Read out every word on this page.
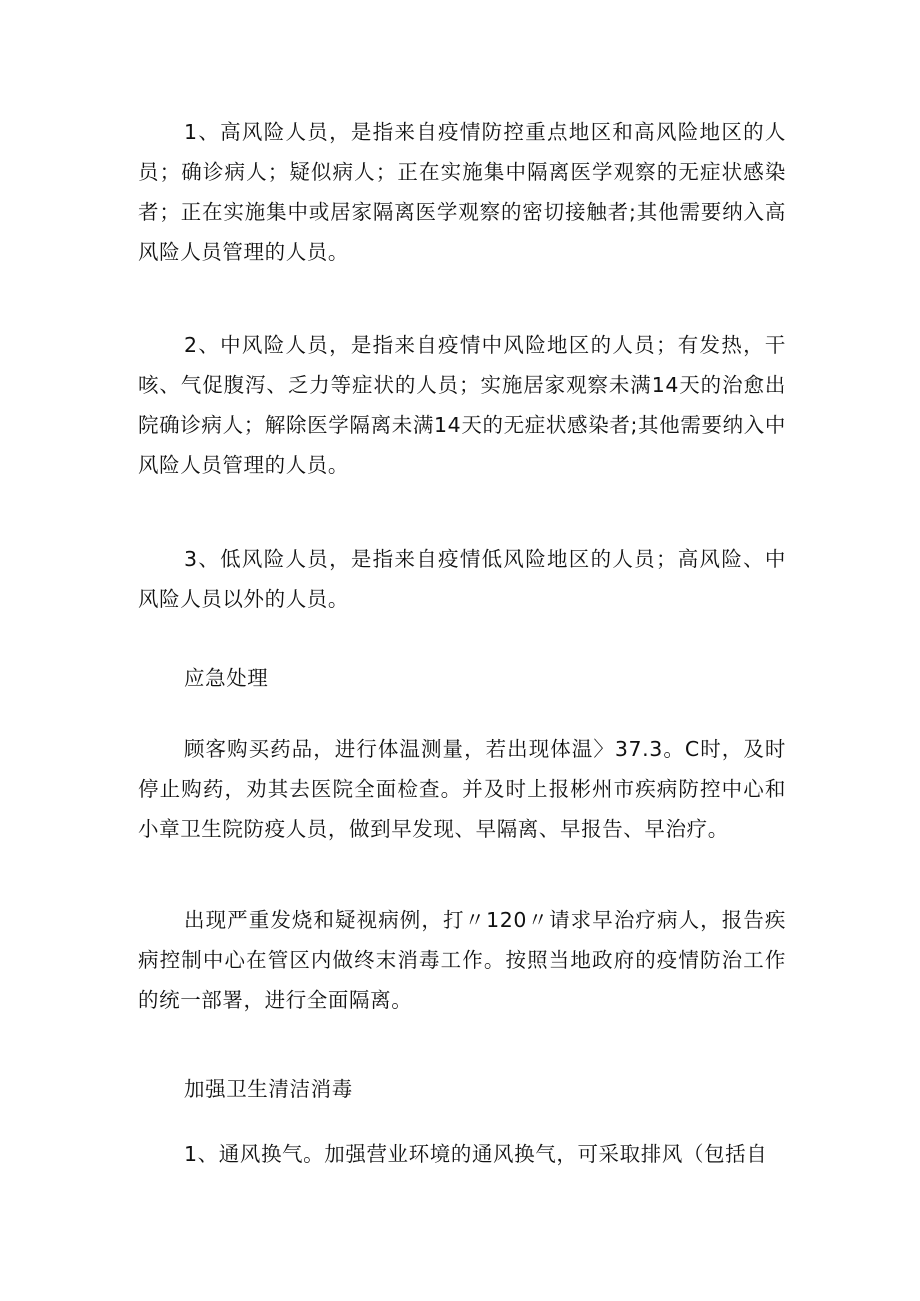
1、高风险人员，是指来自疫情防控重点地区和高风险地区的人员；确诊病人；疑似病人；正在实施集中隔离医学观察的无症状感染者；正在实施集中或居家隔离医学观察的密切接触者;其他需要纳入高风险人员管理的人员。

2、中风险人员，是指来自疫情中风险地区的人员；有发热，干咳、气促腹泻、乏力等症状的人员；实施居家观察未满14天的治愈出院确诊病人；解除医学隔离未满14天的无症状感染者;其他需要纳入中风险人员管理的人员。

3、低风险人员，是指来自疫情低风险地区的人员；高风险、中风险人员以外的人员。

应急处理

顾客购买药品，进行体温测量，若出现体温〉37.3。C时，及时停止购药，劝其去医院全面检查。并及时上报彬州市疾病防控中心和小章卫生院防疫人员，做到早发现、早隔离、早报告、早治疗。

出现严重发烧和疑视病例，打〃120〃请求早治疗病人，报告疾病控制中心在管区内做终末消毒工作。按照当地政府的疫情防治工作的统一部署，进行全面隔离。

加强卫生清洁消毒

1、通风换气。加强营业环境的通风换气，可采取排风（包括自
